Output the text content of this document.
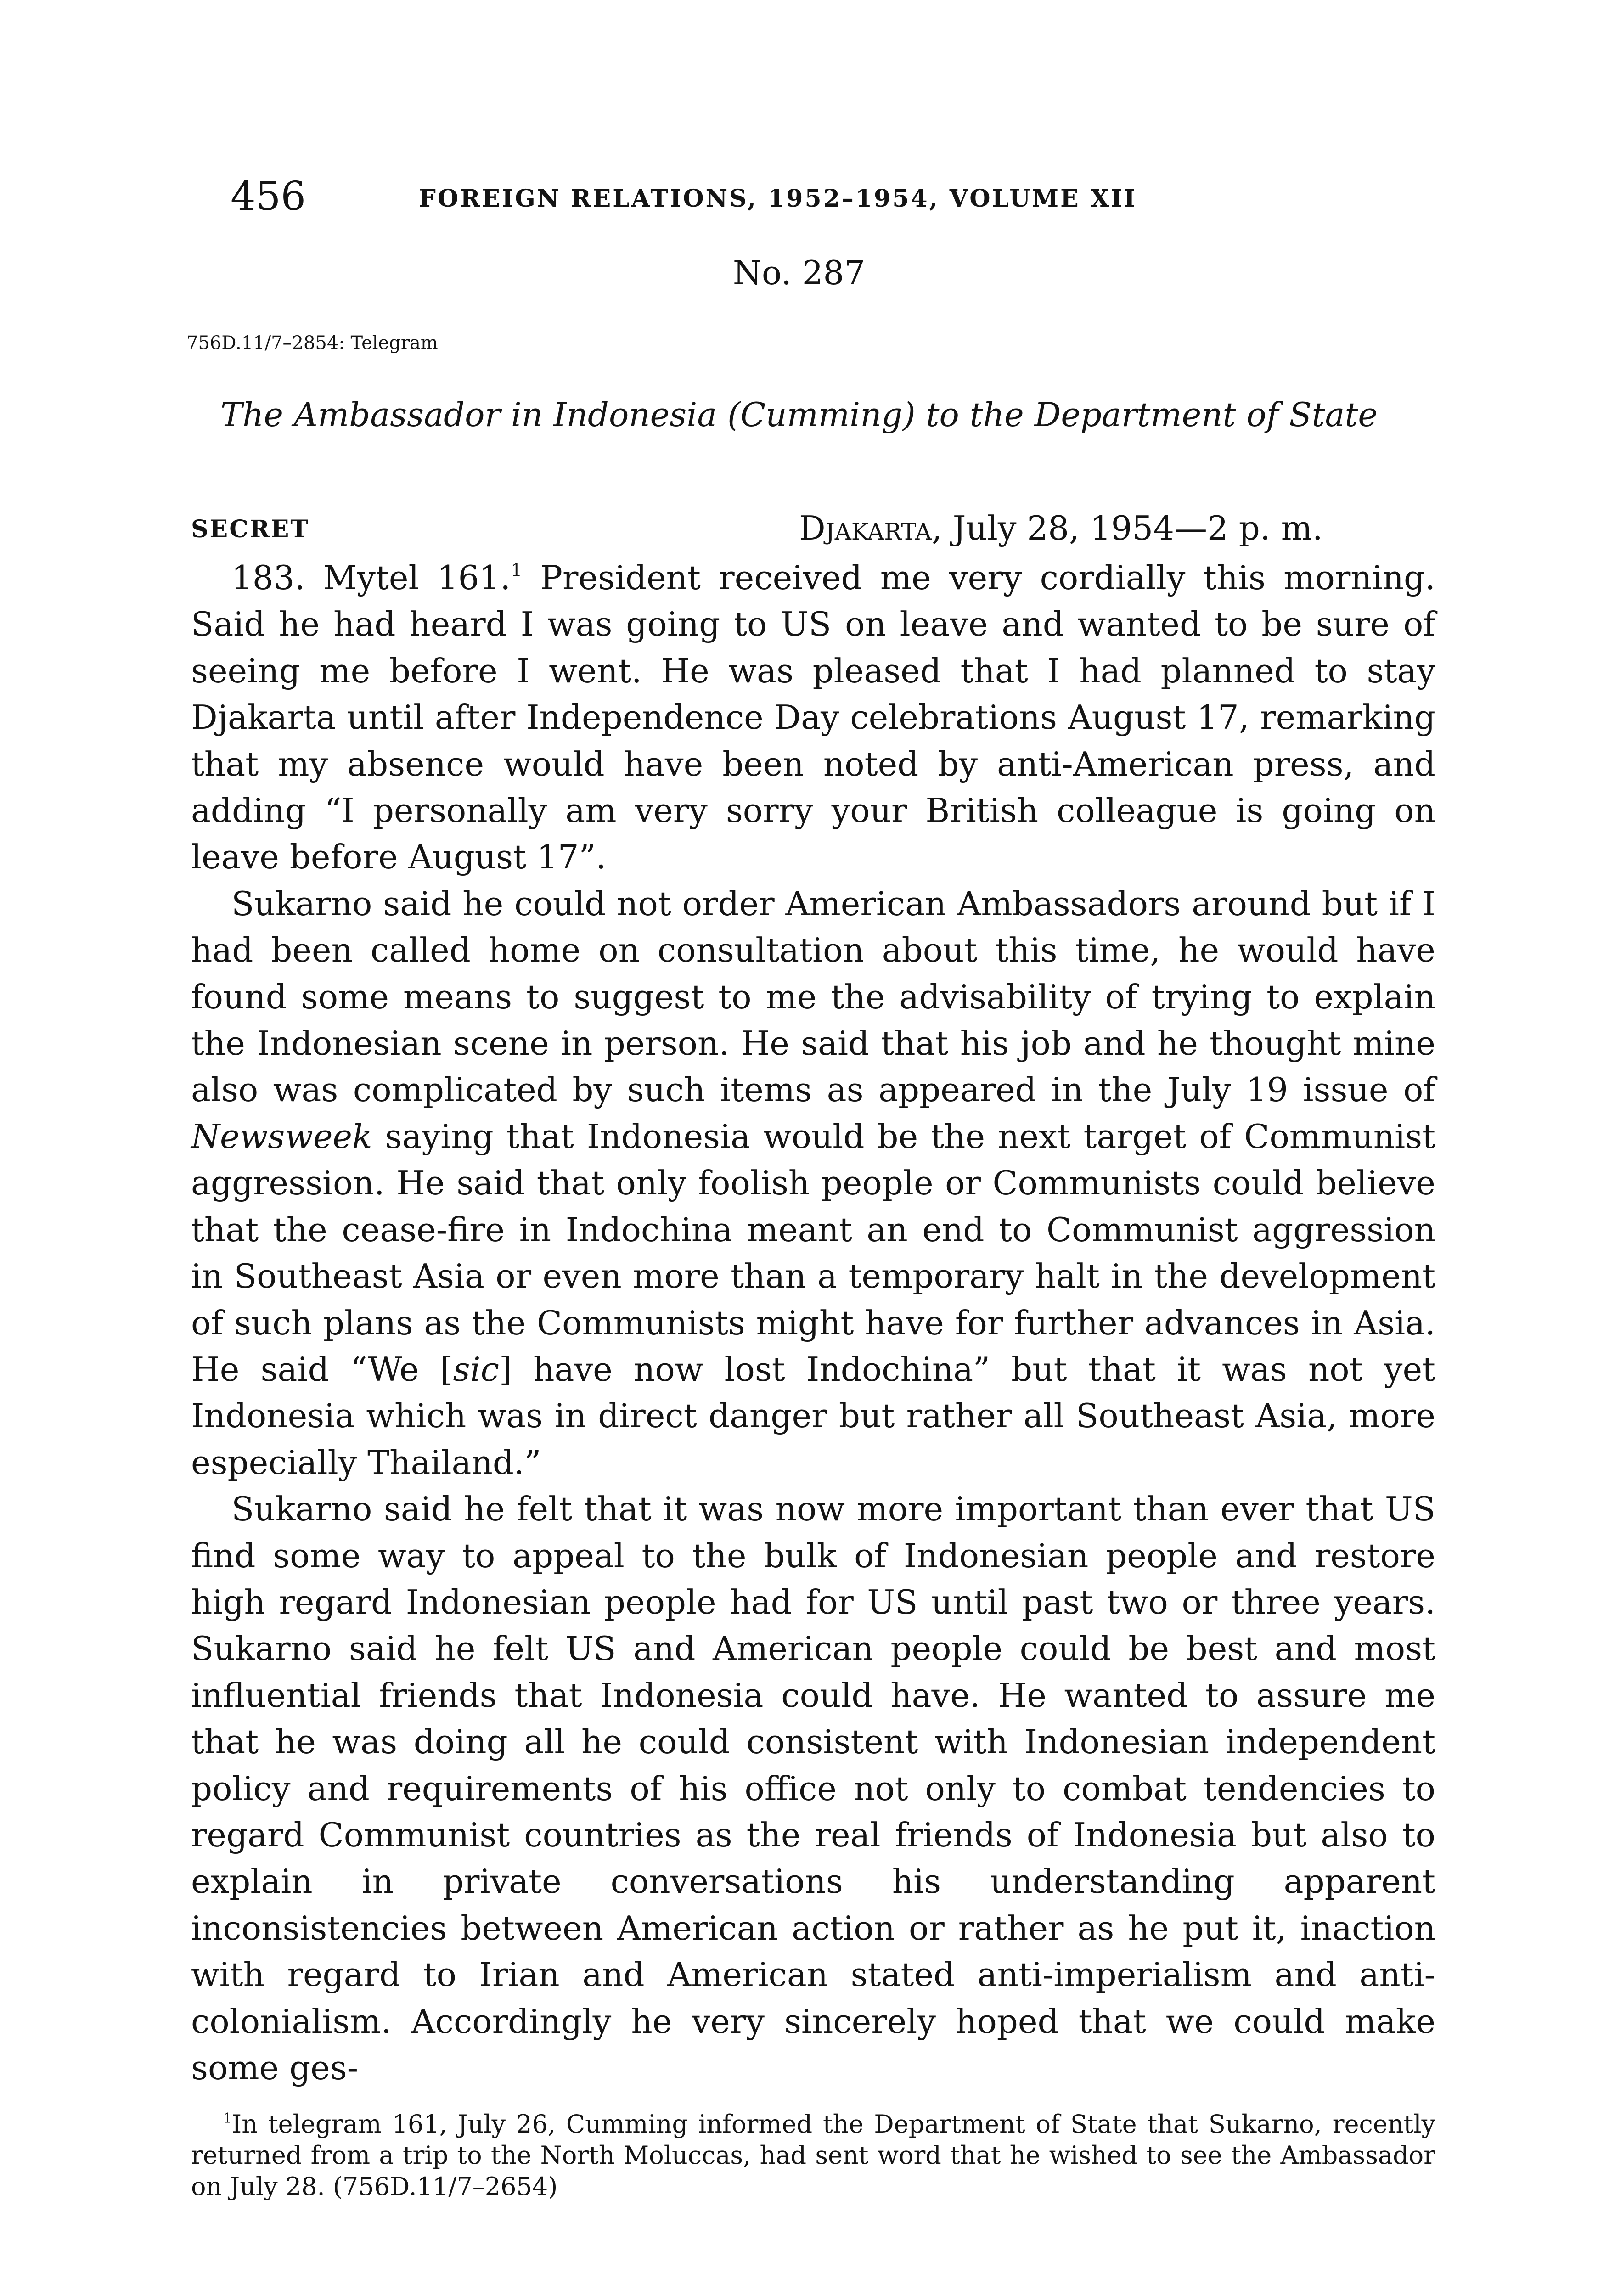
456	FOREIGN RELATIONS, 1952–1954, VOLUME XII
No. 287
756D.11/7–2854: Telegram
The Ambassador in Indonesia (Cumming) to the Department of State
SECRET	Djakarta, July 28, 1954—2 p. m.

183. Mytel 161.$^1$ President received me very cordially this morning. Said he had heard I was going to US on leave and wanted to be sure of seeing me before I went. He was pleased that I had planned to stay Djakarta until after Independence Day celebrations August 17, remarking that my absence would have been noted by anti-American press, and adding “I personally am very sorry your British colleague is going on leave before August 17”.

Sukarno said he could not order American Ambassadors around but if I had been called home on consultation about this time, he would have found some means to suggest to me the advisability of trying to explain the Indonesian scene in person. He said that his job and he thought mine also was complicated by such items as appeared in the July 19 issue of Newsweek saying that Indonesia would be the next target of Communist aggression. He said that only foolish people or Communists could believe that the cease-fire in Indochina meant an end to Communist aggression in Southeast Asia or even more than a temporary halt in the development of such plans as the Communists might have for further advances in Asia. He said “We [sic] have now lost Indochina” but that it was not yet Indonesia which was in direct danger but rather all Southeast Asia, more especially Thailand.”

Sukarno said he felt that it was now more important than ever that US find some way to appeal to the bulk of Indonesian people and restore high regard Indonesian people had for US until past two or three years. Sukarno said he felt US and American people could be best and most influential friends that Indonesia could have. He wanted to assure me that he was doing all he could consistent with Indonesian independent policy and requirements of his office not only to combat tendencies to regard Communist countries as the real friends of Indonesia but also to explain in private conversations his understanding apparent inconsistencies between American action or rather as he put it, inaction with regard to Irian and American stated anti-imperialism and anti-colonialism. Accordingly he very sincerely hoped that we could make some ges-

$^1$In telegram 161, July 26, Cumming informed the Department of State that Sukarno, recently returned from a trip to the North Moluccas, had sent word that he wished to see the Ambassador on July 28. (756D.11/7–2654)
